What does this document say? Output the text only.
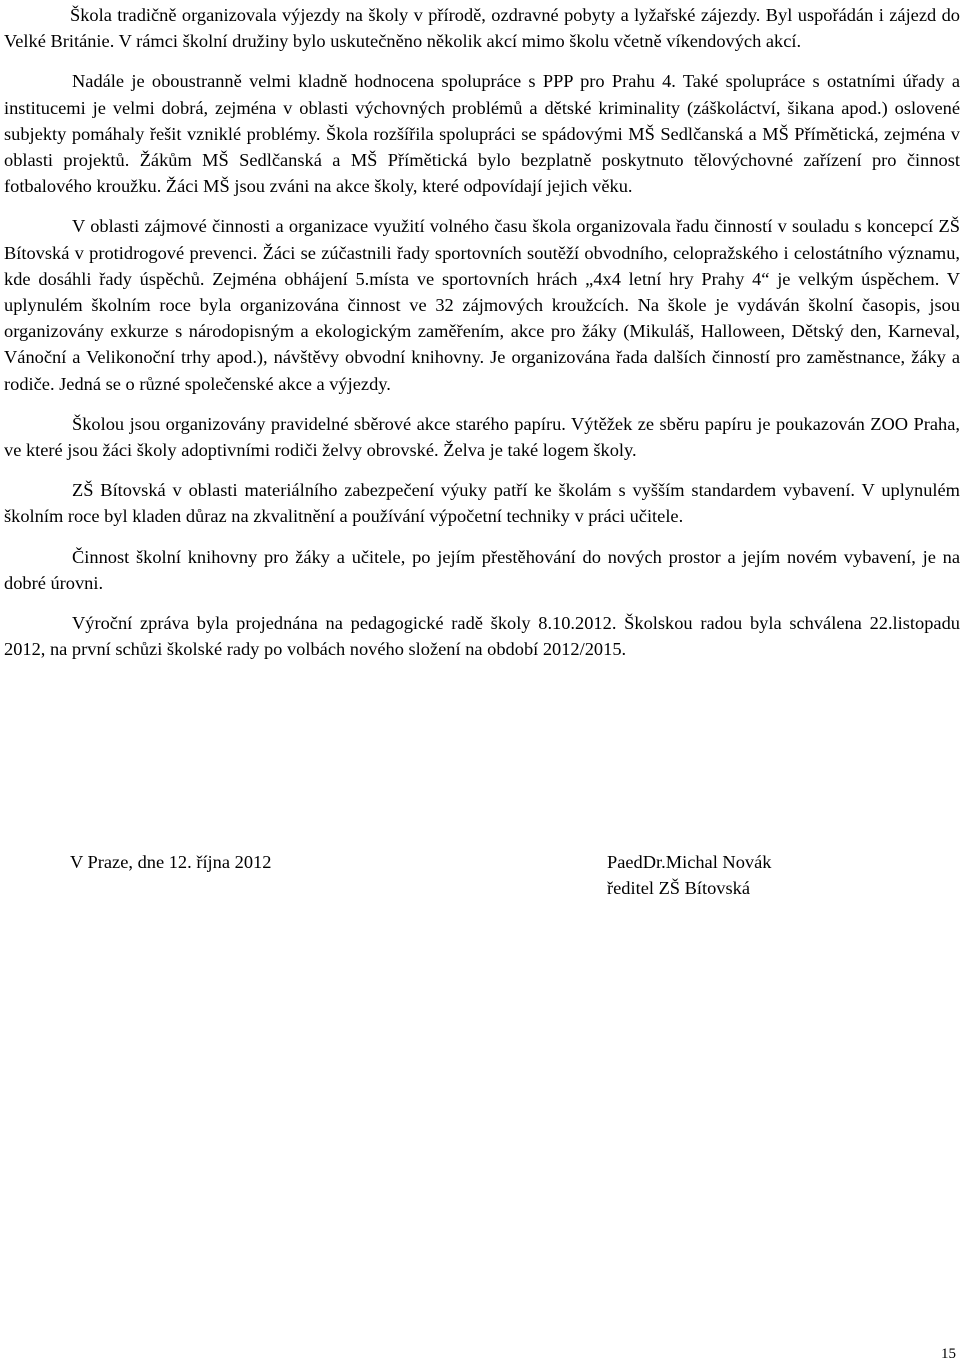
Škola tradičně organizovala výjezdy na školy v přírodě, ozdravné pobyty a lyžařské zájezdy. Byl uspořádán i zájezd do Velké Británie. V rámci školní družiny bylo uskutečněno několik akcí mimo školu včetně víkendových akcí.

Nadále je oboustranně velmi kladně hodnocena spolupráce s PPP pro Prahu 4. Také spolupráce s ostatními úřady a institucemi je velmi dobrá, zejména v oblasti výchovných problémů a dětské kriminality (záškoláctví, šikana apod.) oslovené subjekty pomáhaly řešit vzniklé problémy. Škola rozšířila spolupráci se spádovými MŠ Sedlčanská a MŠ Přímětická, zejména v oblasti projektů. Žákům MŠ Sedlčanská a MŠ Přímětická bylo bezplatně poskytnuto tělovýchovné zařízení pro činnost fotbalového kroužku. Žáci MŠ jsou zváni na akce školy, které odpovídají jejich věku.

V oblasti zájmové činnosti a organizace využití volného času škola organizovala řadu činností v souladu s koncepcí ZŠ Bítovská v protidrogové prevenci. Žáci se zúčastnili řady sportovních soutěží obvodního, celopražského i celostátního významu, kde dosáhli řady úspěchů. Zejména obhájení 5.místa ve sportovních hrách „4x4 letní hry Prahy 4“ je velkým úspěchem. V uplynulém školním roce byla organizována činnost ve 32 zájmových kroužcích. Na škole je vydáván školní časopis, jsou organizovány exkurze s národopisným a ekologickým zaměřením, akce pro žáky (Mikuláš, Halloween, Dětský den, Karneval, Vánoční a Velikonoční trhy apod.), návštěvy obvodní knihovny. Je organizována řada dalších činností pro zaměstnance, žáky a rodiče. Jedná se o různé společenské akce a výjezdy.

Školou jsou organizovány pravidelné sběrové akce starého papíru. Výtěžek ze sběru papíru je poukazován ZOO Praha, ve které jsou žáci školy adoptivními rodiči želvy obrovské. Želva je také logem školy.

ZŠ Bítovská v oblasti materiálního zabezpečení výuky patří ke školám s vyšším standardem vybavení. V uplynulém školním roce byl kladen důraz na zkvalitnění a používání výpočetní techniky v práci učitele.

Činnost školní knihovny pro žáky a učitele, po jejím přestěhování do nových prostor a jejím novém vybavení, je na dobré úrovni.

Výroční zpráva byla projednána na pedagogické radě školy 8.10.2012. Školskou radou byla schválena 22.listopadu 2012, na první schůzi školské rady po volbách nového složení na období 2012/2015.

V Praze, dne 12. října 2012	PaedDr.Michal Novák
ředitel ZŠ Bítovská
15
